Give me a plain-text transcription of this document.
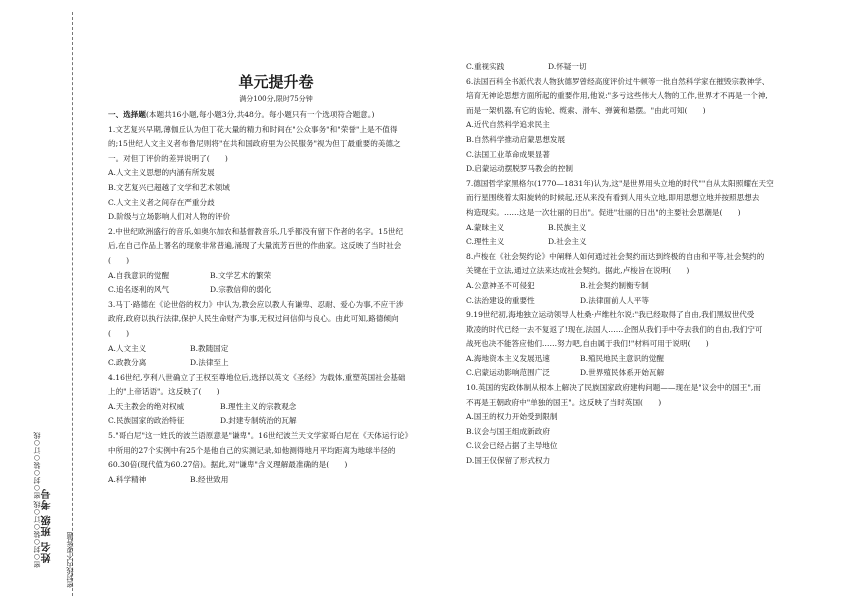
姓名 班级 考号
密○封○装○订○线 密○封○装○订○线	密封线内不要答题
单元提升卷
满分100分,限时75分钟
一、选择题(本题共16小题,每小题3分,共48分。每小题只有一个选项符合题意。)
1.文艺复兴早期,薄伽丘认为但丁花大量的精力和时间在"公众事务"和"荣誉"上是不值得
的;15世纪人文主义者布鲁尼则将"在共和国政府里为公民服务"视为但丁最重要的美德之
一。对但丁评价的差异说明了(　　)
A.人文主义思想的内涵有所发展
B.文艺复兴已超越了文学和艺术领域
C.人文主义者之间存在严重分歧
D.阶级与立场影响人们对人物的评价
2.中世纪欧洲盛行的音乐,如奥尔加农和基督教音乐,几乎都没有留下作者的名字。15世纪
后,在自己作品上署名的现象非常普遍,涌现了大量流芳百世的作曲家。这反映了当时社会
(　　)
A.自我意识的觉醒	B.文学艺术的繁荣
C.追名逐利的风气	D.宗教信仰的弱化
3.马丁·路德在《论世俗的权力》中认为,教会应以教人有谦卑、忍耐、爱心为事,不应干涉
政府,政府以执行法律,保护人民生命财产为事,无权过问信仰与良心。由此可知,路德倾向
(　　)
A.人文主义	B.教随国定
C.政教分离	D.法律至上
4.16世纪,亨利八世确立了王权至尊地位后,选择以英文《圣经》为载体,重塑英国社会基础
上的"上帝话语"。这反映了(　　)
A.天主教会的绝对权威	B.理性主义的宗教观念
C.民族国家的政治特征	D.封建专制统治的瓦解
5."哥白尼"这一姓氏的波兰语原意是"谦卑"。16世纪波兰天文学家哥白尼在《天体运行论》
中所用的27个实例中有25个是他自己的实测记录,如他测得地月平均距离为地球半径的
60.30倍(现代值为60.27倍)。据此,对"谦卑"含义理解最准确的是(　　)
A.科学精神	B.经世致用
C.重视实践	D.怀疑一切
6.法国百科全书派代表人物狄德罗曾经高度评价过牛顿等一批自然科学家在摧毁宗教神学、
培育无神论思想方面所起的重要作用,他说:"多亏这些伟大人物的工作,世界才不再是一个神,
而是一架机器,有它的齿轮、缆索、滑车、弹簧和悬摆。"由此可知(　　)
A.近代自然科学追求民主
B.自然科学推动启蒙思想发展
C.法国工业革命成果显著
D.启蒙运动摆脱罗马教会的控制
7.德国哲学家黑格尔(1770—1831年)认为,这"是世界用头立地的时代""自从太阳照耀在天空
而行星围绕着太阳旋转的时候起,还从来没有看到人用头立地,即用思想立地并按照思想去
构造现实。……这是一次壮丽的日出"。促进"壮丽的日出"的主要社会思潮是(　　)
A.蒙昧主义	B.民族主义
C.理性主义	D.社会主义
8.卢梭在《社会契约论》中阐释人如何通过社会契约而达到终极的自由和平等,社会契约的
关键在于立法,通过立法来达成社会契约。据此,卢梭旨在说明(　　)
A.公意神圣不可侵犯	B.社会契约制衡专制
C.法治建设的重要性	D.法律面前人人平等
9.19世纪初,海地独立运动领导人杜桑·卢维杜尔说:"我已经取得了自由,我们黑奴世代受
欺凌的时代已经一去不复返了!现在,法国人……企图从我们手中夺去我们的自由,我们宁可
战死也决不能答应他们……努力吧,自由属于我们!"材料可用于说明(　　)
A.海地资本主义发展迅速	B.殖民地民主意识的觉醒
C.启蒙运动影响范围广泛	D.世界殖民体系开始瓦解
10.英国的宪政体制从根本上解决了民族国家政府建构问题——现在是"议会中的国王",而
不再是王朝政府中"单独的国王"。这反映了当时英国(　　)
A.国王的权力开始受到限制
B.议会与国王组成新政府
C.议会已经占据了主导地位
D.国王仅保留了形式权力
